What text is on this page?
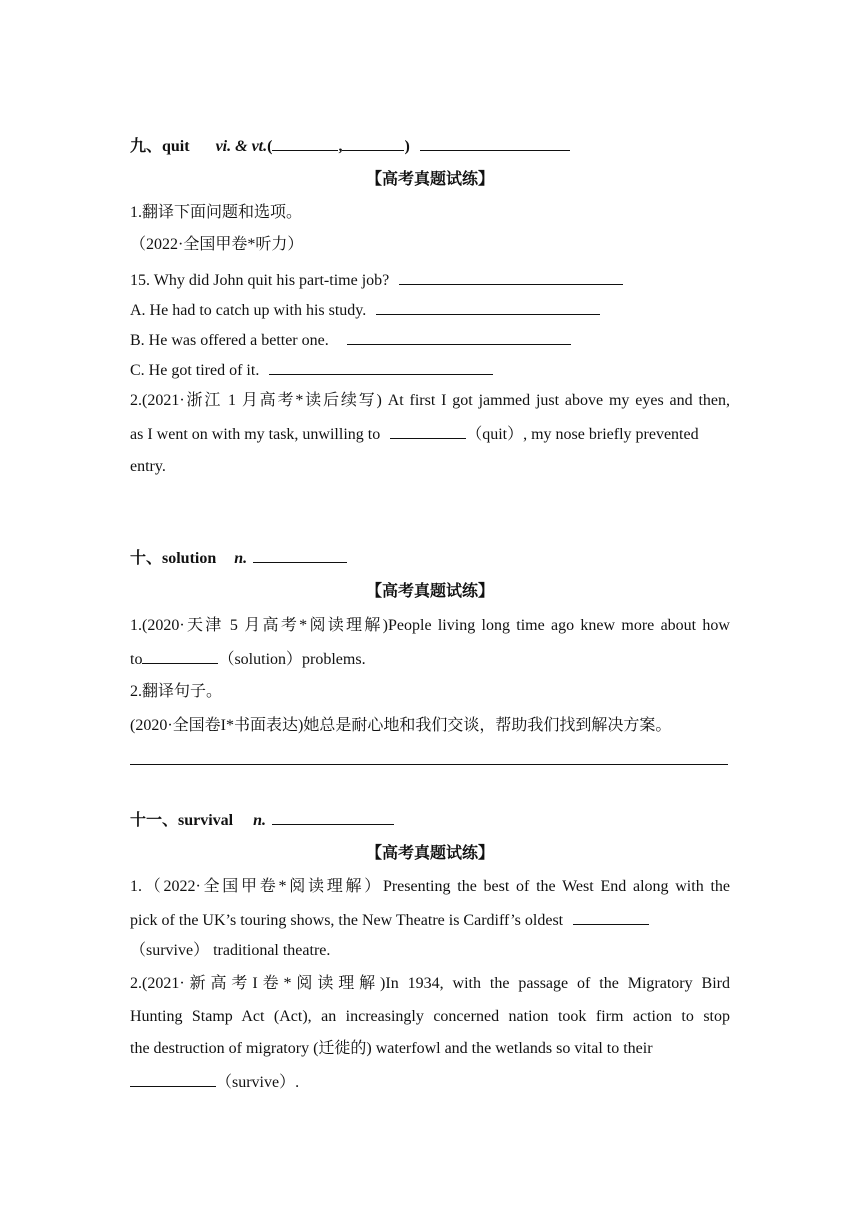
九、quit vi. & vt.(	,	)
【高考真题试练】
1.翻译下面问题和选项。
（2022·全国甲卷*听力）
15. Why did John quit his part-time job?
A. He had to catch up with his study.
B. He was offered a better one.
C. He got tired of it.
2.(2021·浙江 1 月高考*读后续写) At first I got jammed just above my eyes and then,
as I went on with my task, unwilling to	（quit）, my nose briefly prevented
entry.
十、solution n.
【高考真题试练】
1.(2020·天津 5 月高考*阅读理解)People living long time ago knew more about how
to	（solution）problems.
2.翻译句子。
(2020·全国卷I*书面表达)她总是耐心地和我们交谈，帮助我们找到解决方案。
十一、survival n.
【高考真题试练】
1.（2022·全国甲卷*阅读理解）Presenting the best of the West End along with the
pick of the UK’s touring shows, the New Theatre is Cardiff’s oldest
（survive） traditional theatre.
2.(2021·新高考I卷*阅读理解)In 1934, with the passage of the Migratory Bird
Hunting Stamp Act (Act), an increasingly concerned nation took firm action to stop
the destruction of migratory (迁徙的) waterfowl and the wetlands so vital to their
（survive）.
